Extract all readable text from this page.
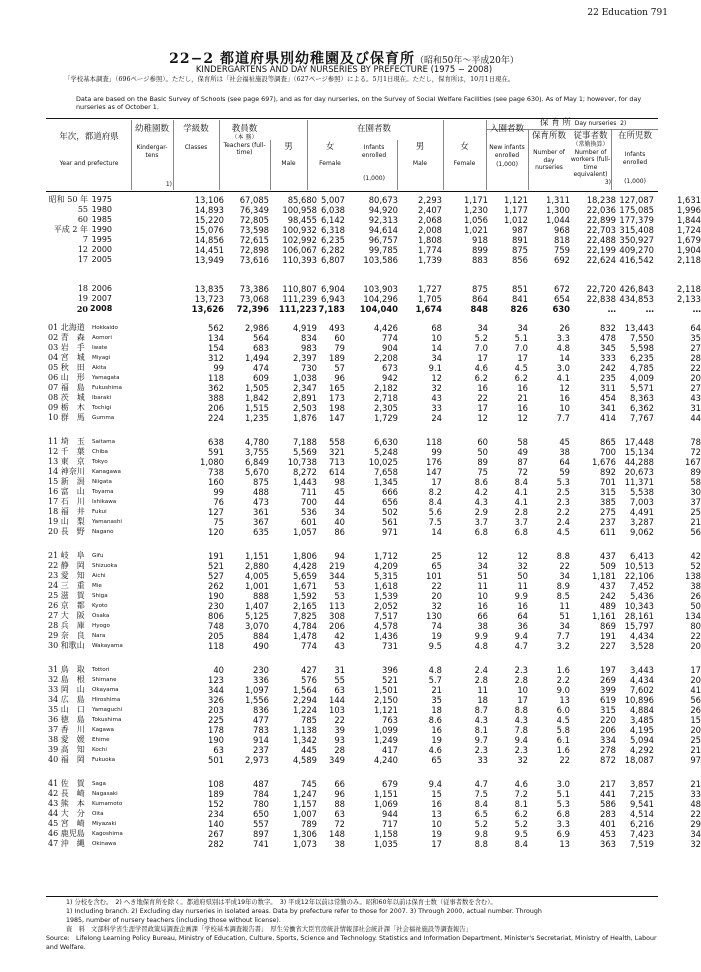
22 Education 791
22−2 都道府県別幼稚園及び保育所（昭和50年〜平成20年）
KINDERGARTENS AND DAY NURSERIES BY PREFECTURE (1975 − 2008)
「学校基本調査」（696ページ参照）。ただし，保育所は「社会福祉施設等調査」（627ページ参照）による。5月1日現在。ただし，保育所は，10月1日現在。
Data are based on the Basic Survey of Schools (see page 697), and as for day nurseries, on the Survey of Social Welfare Facilities (see page 630). As of May 1; however, for day nurseries as of October 1.
年次，都道府県
Year and prefecture
幼稚園数
Kindergar-tens
1)
学級数
Classes
教員数
（本 務）
Teachers (full-time)
男
Male
女
Female
在園者数
Infants enrolled
(1,000)
男
Male
女
Female
入園者数
New infants enrolled
(1,000)
保 育 所 Day nurseries 2)
保育所数
Number of day nurseries
従事者数
（常勤換算）
Number of workers (full-time equivalent)
3)
在所児数
Infants enrolled
(1,000)
昭和 50 年 1975	13,106	67,085	85,680 5,007	80,673	2,293	1,171	1,121	1,311	18,238 127,087	1,631
55 1980	14,893	76,349	100,958 6,038	94,920	2,407	1,230	1,177	1,300	22,036 175,085	1,996
60 1985	15,220	72,805	98,455 6,142	92,313	2,068	1,056	1,012	1,044	22,899 177,379	1,844
平成 2 年 1990	15,076	73,598	100,932 6,318	94,614	2,008	1,021	987	968	22,703 315,408	1,724
7 1995	14,856	72,615	102,992 6,235	96,757	1,808	918	891	818	22,488 350,927	1,679
12 2000	14,451	72,898	106,067 6,282	99,785	1,774	899	875	759	22,199 409,270	1,904
17 2005	13,949	73,616	110,393 6,807	103,586	1,739	883	856	692	22,624 416,542	2,118
18 2006	13,835	73,386	110,807 6,904	103,903	1,727	875	851	672	22,720 426,843	2,118
19 2007	13,723	73,068	111,239 6,943	104,296	1,705	864	841	654	22,838 434,853	2,133
20 2008	13,626	72,396	111,223 7,183	104,040	1,674	848	826	630	…	…	…
01 北海道	Hokkaido	562	2,986	4,919	493	4,426	68	34	34	26	832	13,443	64
02 青　森	Aomori	134	564	834	60	774	10	5.2	5.1	3.3	478	7,550	35
03 岩　手	Iwate	154	683	983	79	904	14	7.0	7.0	4.8	345	5,598	27
04 宮　城	Miyagi	312	1,494	2,397	189	2,208	34	17	17	14	333	6,235	28
05 秋　田	Akita	99	474	730	57	673	9.1	4.6	4.5	3.0	242	4,785	22
06 山　形	Yamagata	118	609	1,038	96	942	12	6.2	6.2	4.1	235	4,009	20
07 福　島	Fukushima	362	1,505	2,347	165	2,182	32	16	16	12	311	5,571	27
08 茨　城	Ibaraki	388	1,842	2,891	173	2,718	43	22	21	16	454	8,363	43
09 栃　木	Tochigi	206	1,515	2,503	198	2,305	33	17	16	10	341	6,362	31
10 群　馬	Gumma	224	1,235	1,876	147	1,729	24	12	12	7.7	414	7,767	44
11 埼　玉	Saitama	638	4,780	7,188	558	6,630	118	60	58	45	865	17,448	78
12 千　葉	Chiba	591	3,755	5,569	321	5,248	99	50	49	38	700	15,134	72
13 東　京	Tokyo	1,080	6,849	10,738	713	10,025	176	89	87	64	1,676	44,288	167
14 神奈川	Kanagawa	738	5,670	8,272	614	7,658	147	75	72	59	892	20,673	89
15 新　潟	Niigata	160	875	1,443	98	1,345	17	8.6	8.4	5.3	701	11,371	58
16 富　山	Toyama	99	488	711	45	666	8.2	4.2	4.1	2.5	315	5,538	30
17 石　川	Ishikawa	76	473	700	44	656	8.4	4.3	4.1	2.3	385	7,003	37
18 福　井	Fukui	127	361	536	34	502	5.6	2.9	2.8	2.2	275	4,491	25
19 山　梨	Yamanashi	75	367	601	40	561	7.5	3.7	3.7	2.4	237	3,287	21
20 長　野	Nagano	120	635	1,057	86	971	14	6.8	6.8	4.5	611	9,062	56
21 岐　阜	Gifu	191	1,151	1,806	94	1,712	25	12	12	8.8	437	6,413	42
22 静　岡	Shizuoka	521	2,880	4,428	219	4,209	65	34	32	22	509	10,513	52
23 愛　知	Aichi	527	4,005	5,659	344	5,315	101	51	50	34	1,181	22,106	138
24 三　重	Mie	262	1,001	1,671	53	1,618	22	11	11	8.9	437	7,452	38
25 滋　賀	Shiga	190	888	1,592	53	1,539	20	10	9.9	8.5	242	5,436	26
26 京　都	Kyoto	230	1,407	2,165	113	2,052	32	16	16	11	489	10,343	50
27 大　阪	Osaka	806	5,125	7,825	308	7,517	130	66	64	51	1,161	28,161	134
28 兵　庫	Hyogo	748	3,070	4,784	206	4,578	74	38	36	34	869	15,797	80
29 奈　良	Nara	205	884	1,478	42	1,436	19	9.9	9.4	7.7	191	4,434	22
30 和歌山	Wakayama	118	490	774	43	731	9.5	4.8	4.7	3.2	227	3,528	20
31 鳥　取	Tottori	40	230	427	31	396	4.8	2.4	2.3	1.6	197	3,443	17
32 島　根	Shimane	123	336	576	55	521	5.7	2.8	2.8	2.2	269	4,434	20
33 岡　山	Okayama	344	1,097	1,564	63	1,501	21	11	10	9.0	399	7,602	41
34 広　島	Hiroshima	326	1,556	2,294	144	2,150	35	18	17	13	619	10,896	56
35 山　口	Yamaguchi	203	836	1,224	103	1,121	18	8.7	8.8	6.0	315	4,884	26
36 徳　島	Tokushima	225	477	785	22	763	8.6	4.3	4.3	4.5	220	3,485	15
37 香　川	Kagawa	178	783	1,138	39	1,099	16	8.1	7.8	5.8	206	4,195	20
38 愛　媛	Ehime	190	914	1,342	93	1,249	19	9.7	9.4	6.1	334	5,094	25
39 高　知	Kochi	63	237	445	28	417	4.6	2.3	2.3	1.6	278	4,292	21
40 福　岡	Fukuoka	501	2,973	4,589	349	4,240	65	33	32	22	872	18,087	97
41 佐　賀	Saga	108	487	745	66	679	9.4	4.7	4.6	3.0	217	3,857	21
42 長　崎	Nagasaki	189	784	1,247	96	1,151	15	7.5	7.2	5.1	441	7,215	33
43 熊　本	Kumamoto	152	780	1,157	88	1,069	16	8.4	8.1	5.3	586	9,541	48
44 大　分	Oita	234	650	1,007	63	944	13	6.5	6.2	6.8	283	4,514	22
45 宮　崎	Miyazaki	140	557	789	72	717	10	5.2	5.2	3.3	401	6,216	29
46 鹿児島	Kagoshima	267	897	1,306	148	1,158	19	9.8	9.5	6.9	453	7,423	34
47 沖　縄	Okinawa	282	741	1,073	38	1,035	17	8.8	8.4	13	363	7,519	32
1) 分校を含む。　2) へき地保育所を除く。都道府県別は平成19年の数字。　3) 平成12年以前は常勤のみ。昭和60年以前は保育士数（従事者数を含む）。
1) Including branch. 2) Excluding day nurseries in isolated areas. Data by prefecture refer to those for 2007. 3) Through 2000, actual number. Through
1985, number of nursery teachers (including those without license).
資　料 文部科学省生涯学習政策局調査企画課「学校基本調査報告書」　厚生労働省大臣官房統計情報部社会統計課「社会福祉施設等調査報告」
Source: Lifelong Learning Policy Bureau, Ministry of Education, Culture, Sports, Science and Technology. Statistics and Information Department, Minister's Secretariat, Ministry of Health, Labour and Welfare.
